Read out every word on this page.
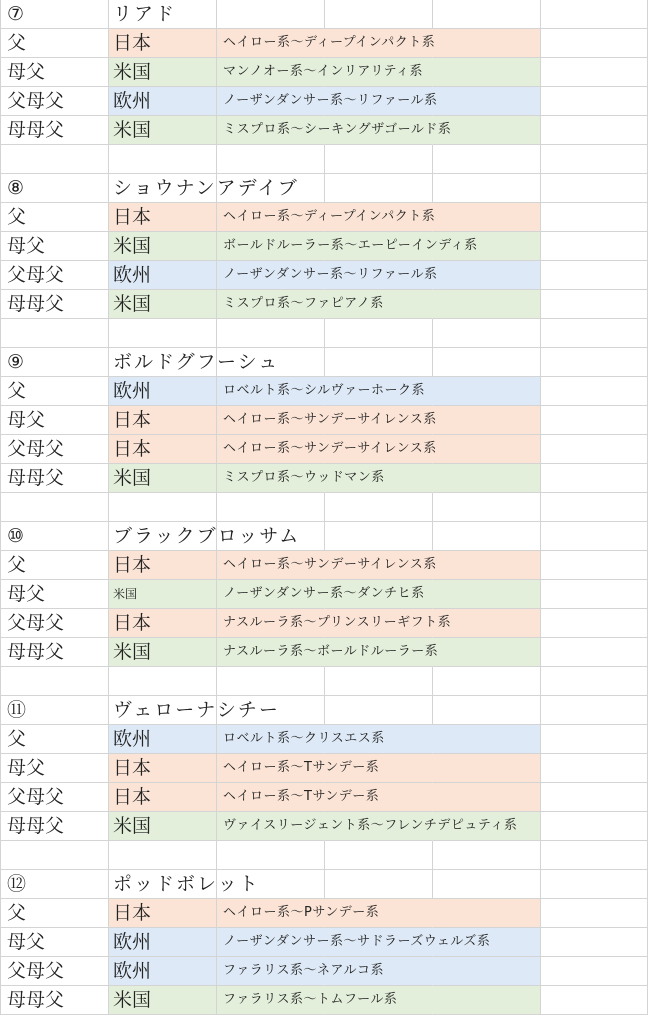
⑦	リアド
父	日本	ヘイロー系～ディープインパクト系
母父	米国	マンノオー系～インリアリティ系
父母父	欧州	ノーザンダンサー系～リファール系
母母父	米国	ミスプロ系～シーキングザゴールド系
⑧	ショウナンアデイブ
父	日本	ヘイロー系～ディープインパクト系
母父	米国	ボールドルーラー系～エーピーインディ系
父母父	欧州	ノーザンダンサー系～リファール系
母母父	米国	ミスプロ系～ファピアノ系
⑨	ボルドグフーシュ
父	欧州	ロベルト系～シルヴァーホーク系
母父	日本	ヘイロー系～サンデーサイレンス系
父母父	日本	ヘイロー系～サンデーサイレンス系
母母父	米国	ミスプロ系～ウッドマン系
⑩	ブラックブロッサム
父	日本	ヘイロー系～サンデーサイレンス系
母父	米国	ノーザンダンサー系～ダンチヒ系
父母父	日本	ナスルーラ系～プリンスリーギフト系
母母父	米国	ナスルーラ系～ボールドルーラー系
⑪	ヴェローナシチー
父	欧州	ロベルト系～クリスエス系
母父	日本	ヘイロー系～Tサンデー系
父母父	日本	ヘイロー系～Tサンデー系
母母父	米国	ヴァイスリージェント系～フレンチデピュティ系
⑫	ポッドボレット
父	日本	ヘイロー系～Pサンデー系
母父	欧州	ノーザンダンサー系～サドラーズウェルズ系
父母父	欧州	ファラリス系～ネアルコ系
母母父	米国	ファラリス系～トムフール系
